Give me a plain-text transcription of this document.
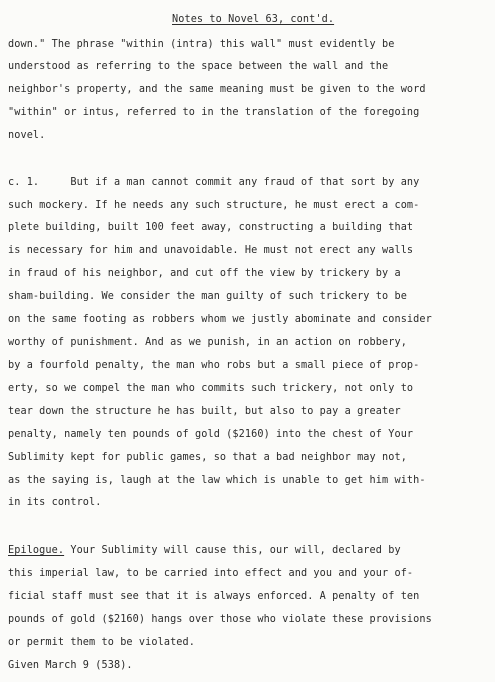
Notes to Novel 63, cont'd.
down." The phrase "within (intra) this wall" must evidently be
understood as referring to the space between the wall and the
neighbor's property, and the same meaning must be given to the word
"within" or intus, referred to in the translation of the foregoing
novel.
c. 1.     But if a man cannot commit any fraud of that sort by any
such mockery. If he needs any such structure, he must erect a com-
plete building, built 100 feet away, constructing a building that
is necessary for him and unavoidable. He must not erect any walls
in fraud of his neighbor, and cut off the view by trickery by a
sham-building. We consider the man guilty of such trickery to be
on the same footing as robbers whom we justly abominate and consider
worthy of punishment. And as we punish, in an action on robbery,
by a fourfold penalty, the man who robs but a small piece of prop-
erty, so we compel the man who commits such trickery, not only to
tear down the structure he has built, but also to pay a greater
penalty, namely ten pounds of gold ($2160) into the chest of Your
Sublimity kept for public games, so that a bad neighbor may not,
as the saying is, laugh at the law which is unable to get him with-
in its control.
Epilogue. Your Sublimity will cause this, our will, declared by
this imperial law, to be carried into effect and you and your of-
ficial staff must see that it is always enforced. A penalty of ten
pounds of gold ($2160) hangs over those who violate these provisions
or permit them to be violated.
Given March 9 (538).
